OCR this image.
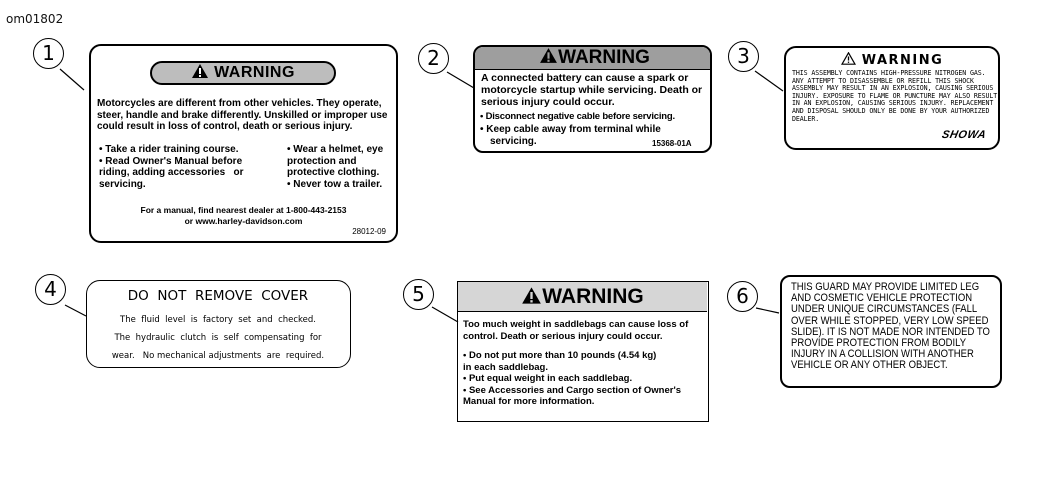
om01802
1	2	3
4	5	6
WARNING

Motorcycles are different from other vehicles. They operate, steer, handle and brake differently. Unskilled or improper use could result in loss of control, death or serious injury.

• Take a rider training course.
• Read Owner's Manual before   riding, adding accessories   or servicing.
• Wear a helmet, eye   protection and   protective clothing.
• Never tow a trailer.
For a manual, find nearest dealer at 1-800-443-2153
or www.harley-davidson.com
28012-09
WARNING

A connected battery can cause a spark or motorcycle startup while servicing. Death or serious injury could occur.

• Disconnect negative cable before servicing.
• Keep cable away from terminal while
servicing.	15368-01A
WARNING

THIS ASSEMBLY CONTAINS HIGH-PRESSURE NITROGEN GAS. ANY ATTEMPT TO DISASSEMBLE OR REFILL THIS SHOCK ASSEMBLY MAY RESULT IN AN EXPLOSION, CAUSING SERIOUS INJURY. EXPOSURE TO FLAME OR PUNCTURE MAY ALSO RESULT IN AN EXPLOSION, CAUSING SERIOUS INJURY. REPLACEMENT AND DISPOSAL SHOULD ONLY BE DONE BY YOUR AUTHORIZED DEALER.

SHOWA
DO  NOT  REMOVE  COVER
The  fluid  level  is  factory  set  and  checked.
The  hydraulic  clutch  is  self  compensating  for
wear.   No mechanical adjustments  are  required.
WARNING

Too much weight in saddlebags can cause loss of control. Death or serious injury could occur.

• Do not put more than 10 pounds (4.54 kg)   in each saddlebag.
• Put equal weight in each saddlebag.
• See Accessories and Cargo section of Owner's   Manual for more information.

THIS GUARD MAY PROVIDE LIMITED LEG AND COSMETIC VEHICLE PROTECTION UNDER UNIQUE CIRCUMSTANCES (FALL OVER WHILE STOPPED, VERY LOW SPEED SLIDE). IT IS NOT MADE NOR INTENDED TO PROVIDE PROTECTION FROM BODILY INJURY IN A COLLISION WITH ANOTHER VEHICLE OR ANY OTHER OBJECT.
